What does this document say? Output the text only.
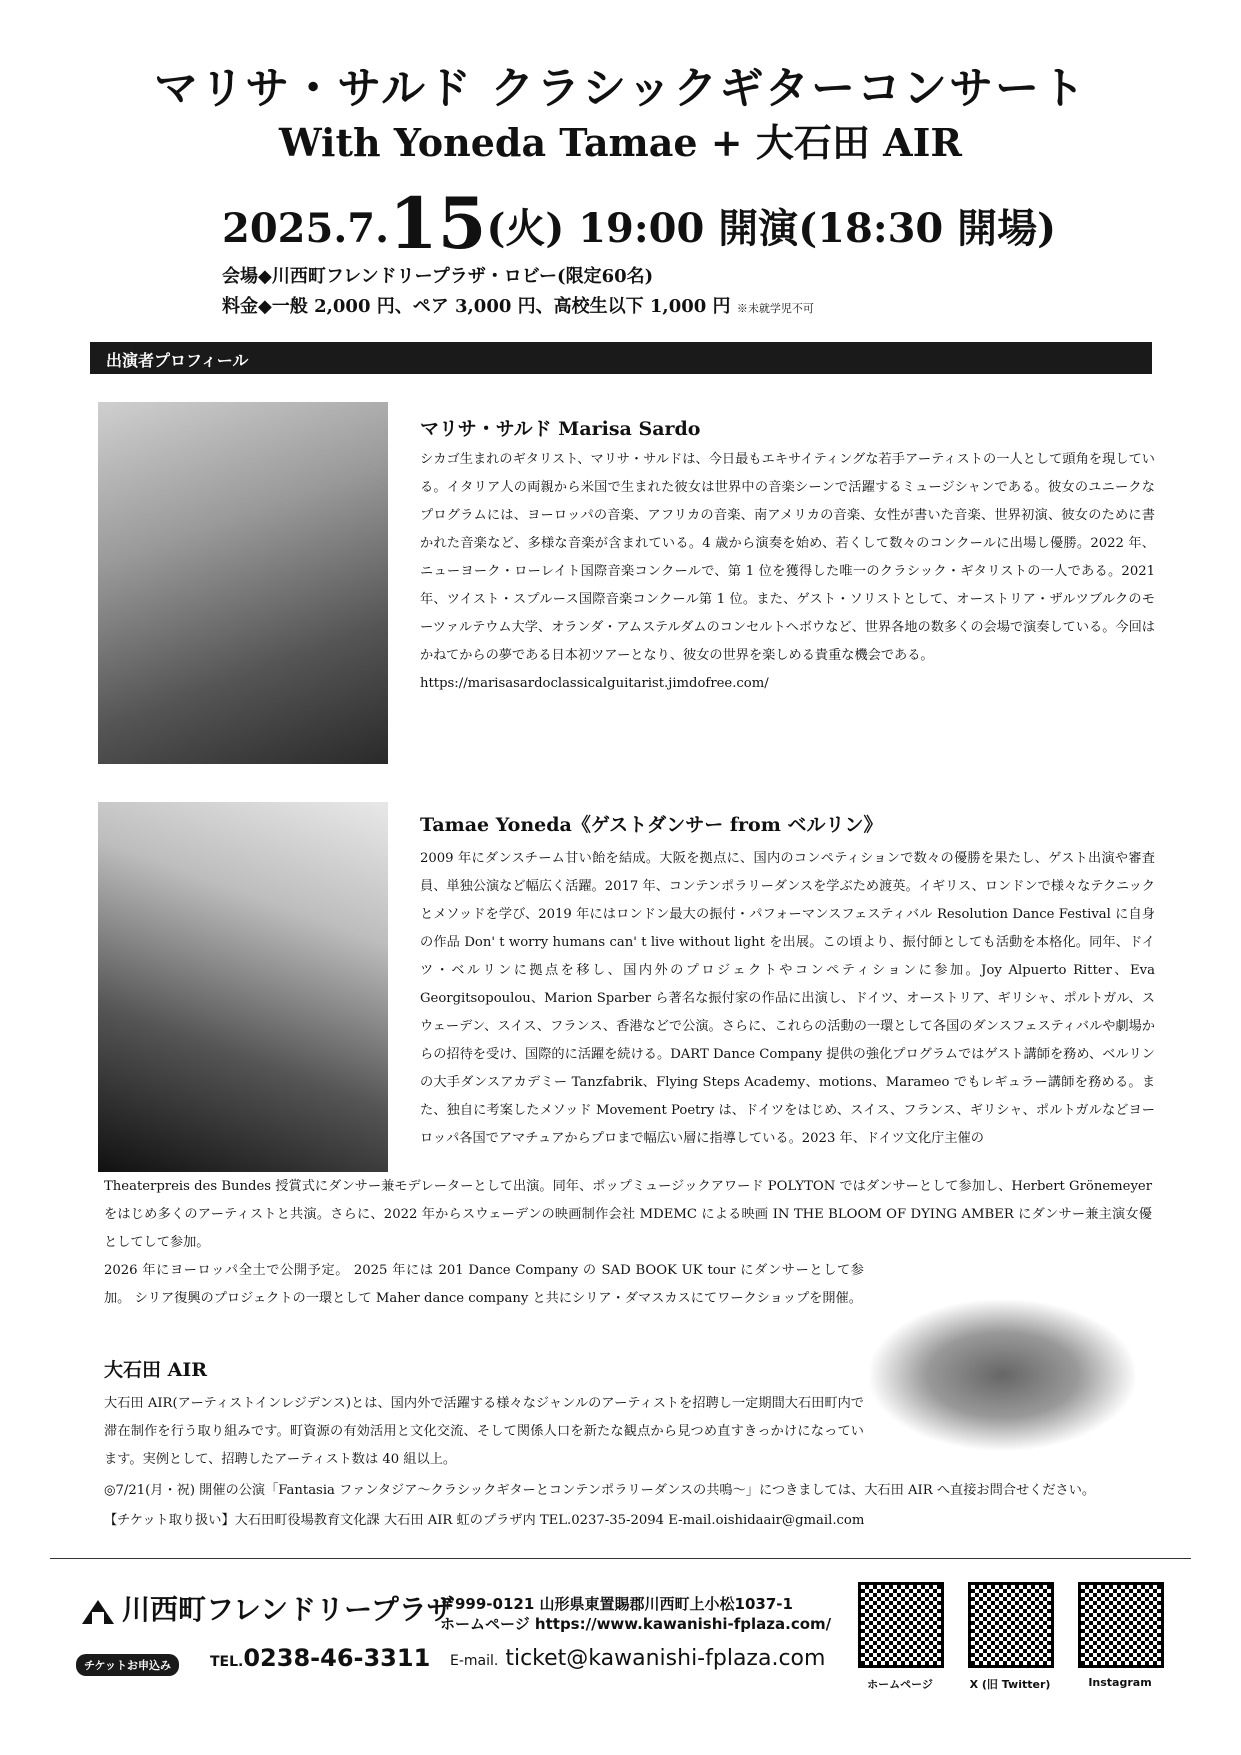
マリサ・サルド クラシックギターコンサート
With Yoneda Tamae + 大石田 AIR
2025.7.15(火) 19:00 開演(18:30 開場)
会場◆川西町フレンドリープラザ・ロビー(限定60名)
料金◆一般 2,000 円、ペア 3,000 円、高校生以下 1,000 円 ※未就学児不可
出演者プロフィール
マリサ・サルド Marisa Sardo
シカゴ生まれのギタリスト、マリサ・サルドは、今日最もエキサイティングな若手アーティストの一人として頭角を現している。イタリア人の両親から米国で生まれた彼女は世界中の音楽シーンで活躍するミュージシャンである。彼女のユニークなプログラムには、ヨーロッパの音楽、アフリカの音楽、南アメリカの音楽、女性が書いた音楽、世界初演、彼女のために書かれた音楽など、多様な音楽が含まれている。4 歳から演奏を始め、若くして数々のコンクールに出場し優勝。2022 年、ニューヨーク・ローレイト国際音楽コンクールで、第 1 位を獲得した唯一のクラシック・ギタリストの一人である。2021 年、ツイスト・スプルース国際音楽コンクール第 1 位。また、ゲスト・ソリストとして、オーストリア・ザルツブルクのモーツァルテウム大学、オランダ・アムステルダムのコンセルトヘボウなど、世界各地の数多くの会場で演奏している。今回はかねてからの夢である日本初ツアーとなり、彼女の世界を楽しめる貴重な機会である。
https://marisasardoclassicalguitarist.jimdofree.com/
Tamae Yoneda《ゲストダンサー from ベルリン》
2009 年にダンスチーム甘い飴を結成。大阪を拠点に、国内のコンペティションで数々の優勝を果たし、ゲスト出演や審査員、単独公演など幅広く活躍。2017 年、コンテンポラリーダンスを学ぶため渡英。イギリス、ロンドンで様々なテクニックとメソッドを学び、2019 年にはロンドン最大の振付・パフォーマンスフェスティバル Resolution Dance Festival に自身の作品 Don' t worry humans can' t live without light を出展。この頃より、振付師としても活動を本格化。同年、ドイツ・ベルリンに拠点を移し、国内外のプロジェクトやコンペティションに参加。Joy Alpuerto Ritter、Eva Georgitsopoulou、Marion Sparber ら著名な振付家の作品に出演し、ドイツ、オーストリア、ギリシャ、ポルトガル、スウェーデン、スイス、フランス、香港などで公演。さらに、これらの活動の一環として各国のダンスフェスティバルや劇場からの招待を受け、国際的に活躍を続ける。DART Dance Company 提供の強化プログラムではゲスト講師を務め、ベルリンの大手ダンスアカデミー Tanzfabrik、Flying Steps Academy、motions、Marameo でもレギュラー講師を務める。また、独自に考案したメソッド Movement Poetry は、ドイツをはじめ、スイス、フランス、ギリシャ、ポルトガルなどヨーロッパ各国でアマチュアからプロまで幅広い層に指導している。2023 年、ドイツ文化庁主催の
Theaterpreis des Bundes 授賞式にダンサー兼モデレーターとして出演。同年、ポップミュージックアワード POLYTON ではダンサーとして参加し、Herbert Grönemeyer をはじめ多くのアーティストと共演。さらに、2022 年からスウェーデンの映画制作会社 MDEMC による映画 IN THE BLOOM OF DYING AMBER にダンサー兼主演女優としてして参加。
2026 年にヨーロッパ全土で公開予定。 2025 年には 201 Dance Company の SAD BOOK UK tour にダンサーとして参加。 シリア復興のプロジェクトの一環として Maher dance company と共にシリア・ダマスカスにてワークショップを開催。
大石田 AIR
大石田 AIR(アーティストインレジデンス)とは、国内外で活躍する様々なジャンルのアーティストを招聘し一定期間大石田町内で滞在制作を行う取り組みです。町資源の有効活用と文化交流、そして関係人口を新たな観点から見つめ直すきっかけになっています。実例として、招聘したアーティスト数は 40 組以上。
◎7/21(月・祝) 開催の公演「Fantasia ファンタジア〜クラシックギターとコンテンポラリーダンスの共鳴〜」につきましては、大石田 AIR へ直接お問合せください。
【チケット取り扱い】大石田町役場教育文化課 大石田 AIR 虹のプラザ内 TEL.0237-35-2094 E-mail.oishidaair@gmail.com
川西町フレンドリープラザ
〒999-0121 山形県東置賜郡川西町上小松1037-1
ホームページ https://www.kawanishi-fplaza.com/
チケットお申込み	TEL.0238-46-3311 E-mail. ticket@kawanishi-fplaza.com
ホームページ	X (旧 Twitter)	Instagram
